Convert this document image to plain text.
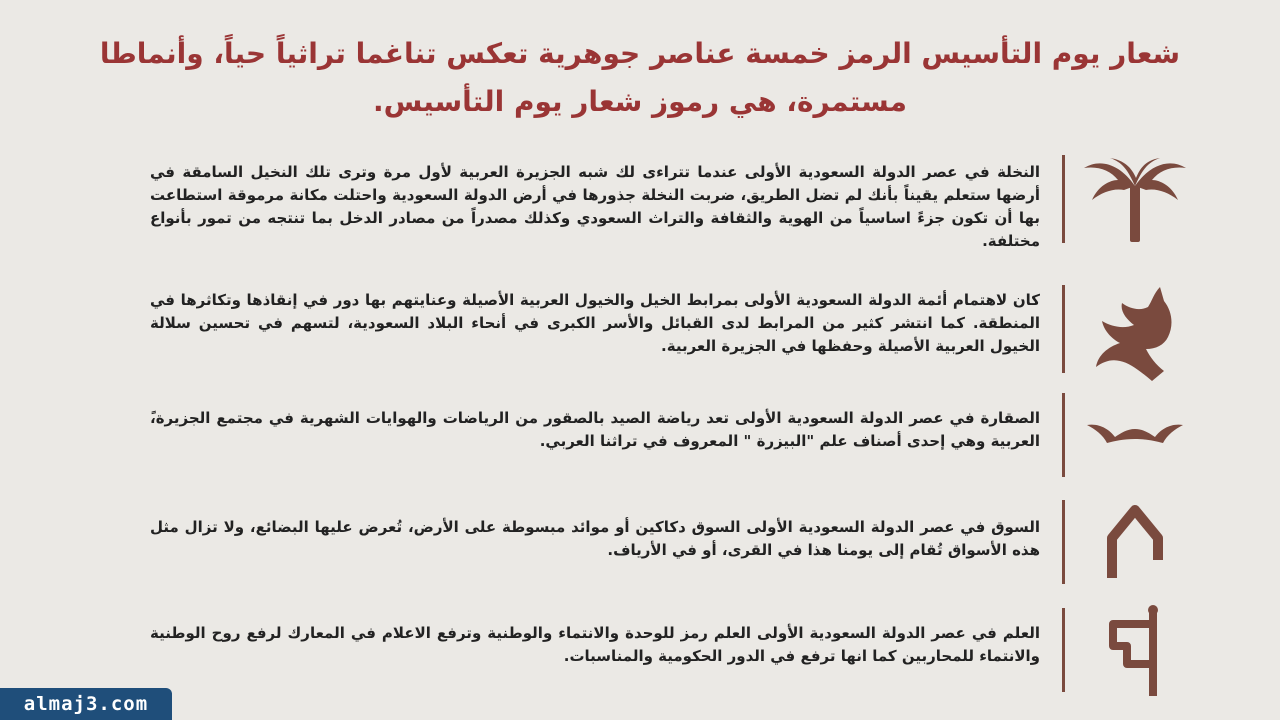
شعار يوم التأسيس الرمز خمسة عناصر جوهرية تعكس تناغما تراثياً حياً، وأنماطا مستمرة، هي رموز شعار يوم التأسيس.
النخلة في عصر الدولة السعودية الأولى عندما تتراءى لك شبه الجزيرة العربية لأول مرة وترى تلك النخيل السامقة في أرضها ستعلم يقيناً بأنك لم تضل الطريق، ضربت النخلة جذورها في أرض الدولة السعودية واحتلت مكانة مرموقة استطاعت بها أن تكون جزءً اساسياً من الهوية والثقافة والتراث السعودي وكذلك مصدراً من مصادر الدخل بما تنتجه من تمور بأنواع مختلفة.
كان لاهتمام أئمة الدولة السعودية الأولى بمرابط الخيل والخيول العربية الأصيلة وعنايتهم بها دور في إنقاذها وتكاثرها في المنطقة. كما انتشر كثير من المرابط لدى القبائل والأسر الكبرى في أنحاء البلاد السعودية، لتسهم في تحسين سلالة الخيول العربية الأصيلة وحفظها في الجزيرة العربية.
الصقارة في عصر الدولة السعودية الأولى تعد رياضة الصيد بالصقور من الرياضات والهوايات الشهرية في مجتمع الجزيرة،ً العربية وهي إحدى أصناف علم "البيزرة " المعروف في تراثنا العربي.
السوق في عصر الدولة السعودية الأولى السوق دكاكين أو موائد مبسوطة على الأرض، تُعرض عليها البضائع، ولا تزال مثل هذه الأسواق تُقام إلى يومنا هذا في القرى، أو في الأرياف.
العلم في عصر الدولة السعودية الأولى العلم رمز للوحدة والانتماء والوطنية وترفع الاعلام في المعارك لرفع روح الوطنية والانتماء للمحاربين كما انها ترفع في الدور الحكومية والمناسبات.
almaj3.com
